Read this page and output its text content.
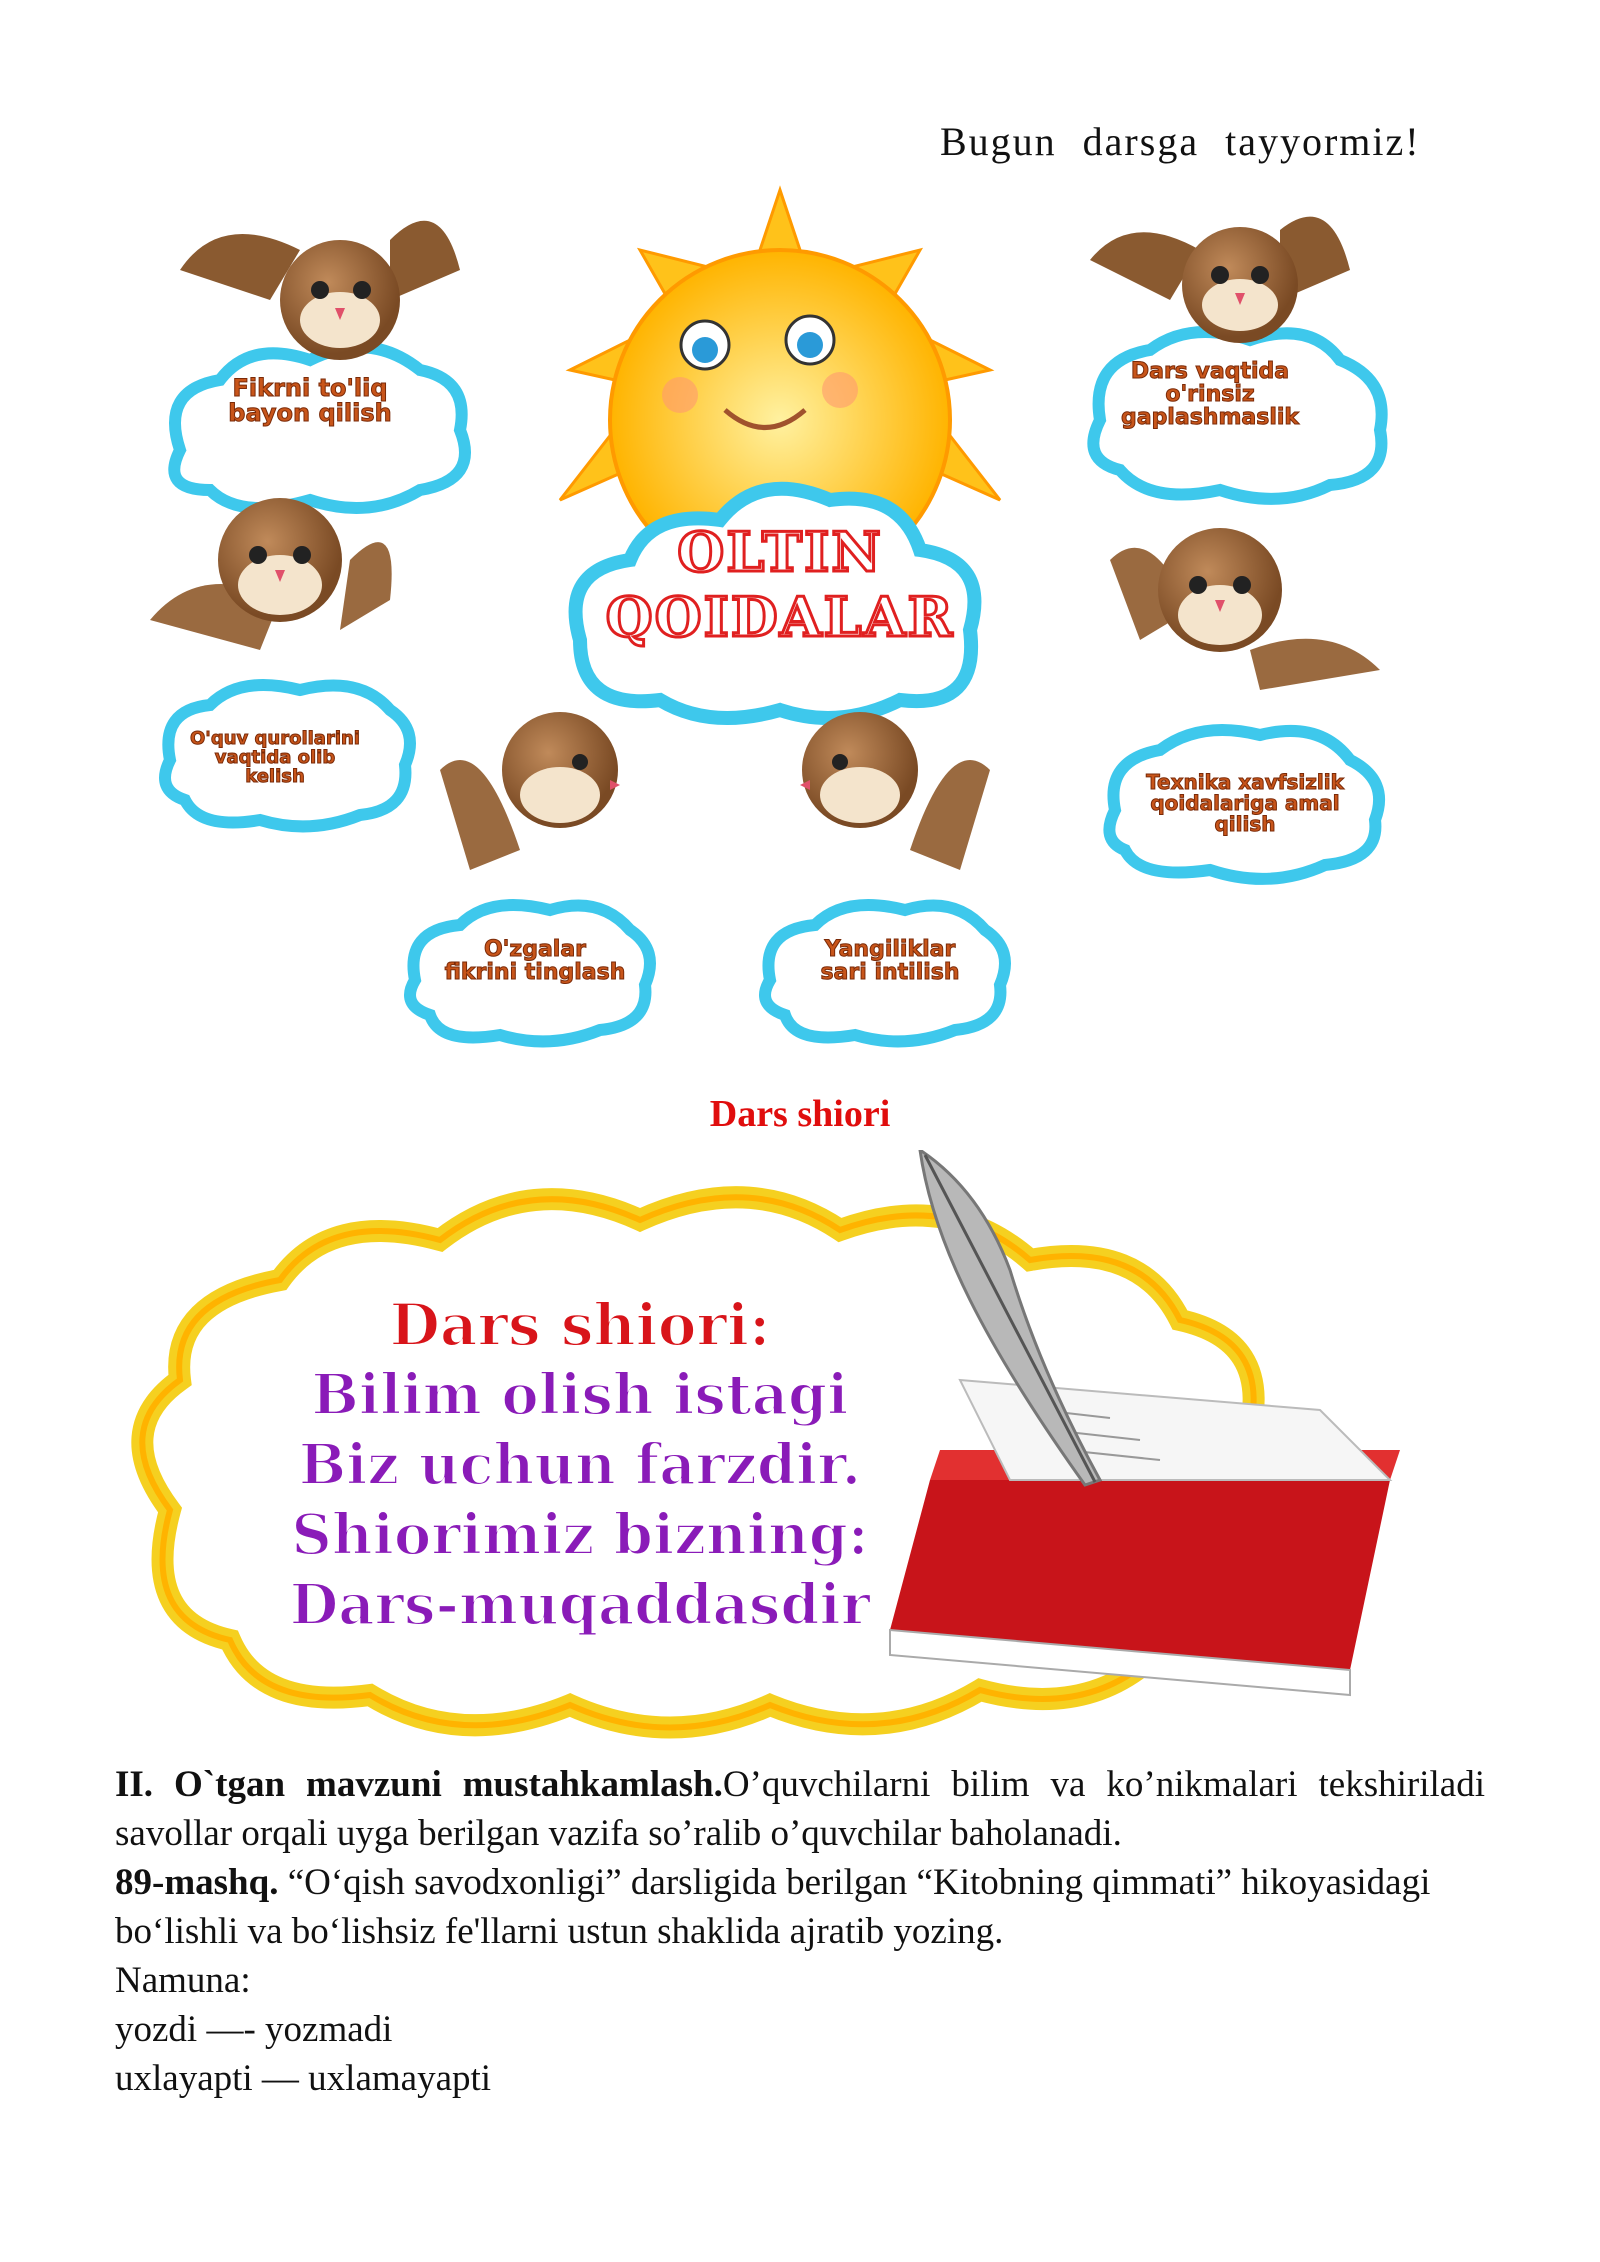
Bugun darsga tayyormiz!
OLTIN
QOIDALAR
Fikrni to'liq
bayon qilish
Dars vaqtida
o'rinsiz
gaplashmaslik
O'quv qurollarini
vaqtida olib
kelish	Texnika xavfsizlik
qoidalariga amal
qilish
O'zgalar
fikrini tinglash
Yangiliklar
sari intilish
Dars shiori
Dars shiori:
Bilim olish istagi
Biz uchun farzdir.
Shiorimiz bizning:
Dars-muqaddasdir

II. O`tgan mavzuni mustahkamlash.O’quvchilarni bilim va ko’nikmalari tekshiriladi savollar orqali uyga berilgan vazifa so’ralib o’quvchilar baholanadi.

89-mashq. “O‘qish savodxonligi” darsligida berilgan “Kitobning qimmati” hikoyasidagi bo‘lishli va bo‘lishsiz fe'llarni ustun shaklida ajratib yozing.

Namuna:

yozdi —- yozmadi

uxlayapti — uxlamayapti
